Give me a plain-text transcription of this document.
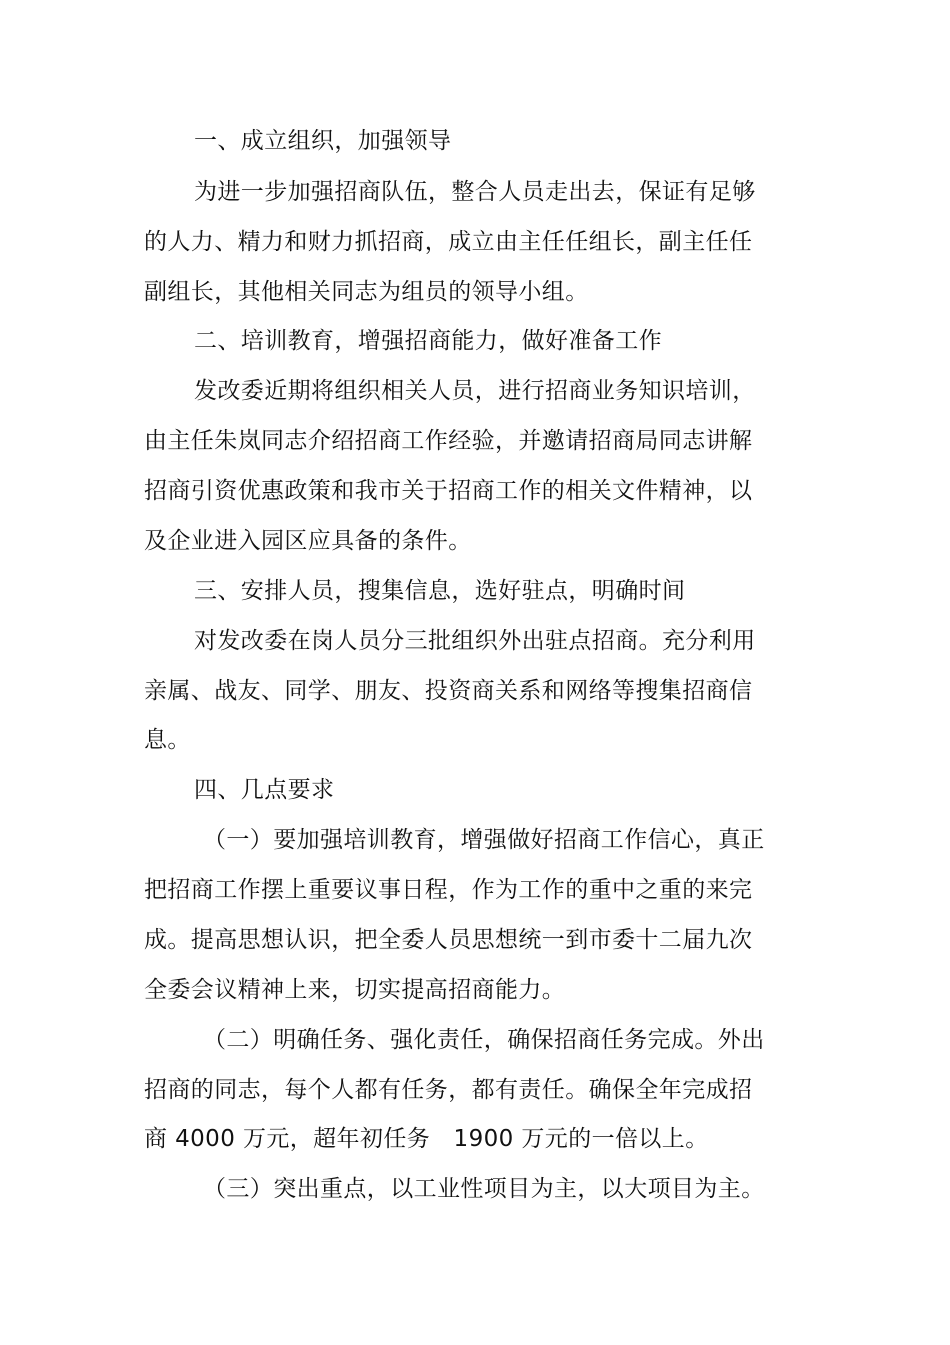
一、成立组织，加强领导
为进一步加强招商队伍，整合人员走出去，保证有足够
的人力、精力和财力抓招商，成立由主任任组长，副主任任
副组长，其他相关同志为组员的领导小组。
二、培训教育，增强招商能力，做好准备工作
发改委近期将组织相关人员，进行招商业务知识培训，
由主任朱岚同志介绍招商工作经验，并邀请招商局同志讲解
招商引资优惠政策和我市关于招商工作的相关文件精神，以
及企业进入园区应具备的条件。
三、安排人员，搜集信息，选好驻点，明确时间
对发改委在岗人员分三批组织外出驻点招商。充分利用
亲属、战友、同学、朋友、投资商关系和网络等搜集招商信
息。
四、几点要求
（一）要加强培训教育，增强做好招商工作信心，真正
把招商工作摆上重要议事日程，作为工作的重中之重的来完
成。提高思想认识，把全委人员思想统一到市委十二届九次
全委会议精神上来，切实提高招商能力。
（二）明确任务、强化责任，确保招商任务完成。外出
招商的同志，每个人都有任务，都有责任。确保全年完成招
商 4000 万元，超年初任务　1900 万元的一倍以上。
（三）突出重点，以工业性项目为主，以大项目为主。
